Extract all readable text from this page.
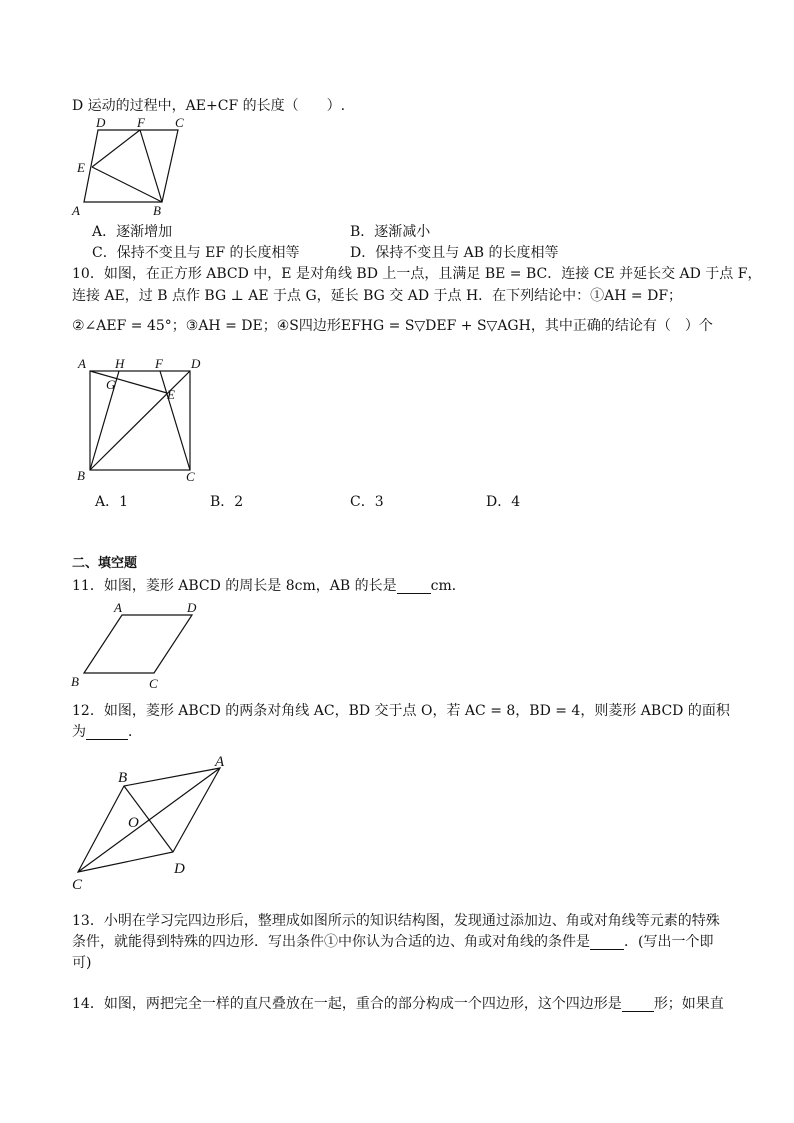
D 运动的过程中，AE+CF 的长度（　　）.
D F C
E
A	B
A．逐渐增加	B．逐渐减小
C．保持不变且与 EF 的长度相等	D．保持不变且与 AB 的长度相等
10．如图，在正方形 ABCD 中，E 是对角线 BD 上一点，且满足 BE = BC．连接 CE 并延长交 AD 于点 F，
连接 AE，过 B 点作 BG ⊥ AE 于点 G，延长 BG 交 AD 于点 H．在下列结论中：①AH = DF；
②∠AEF = 45°；③AH = DE；④S四边形EFHG = S▽DEF + S▽AGH，其中正确的结论有（　）个
A H F D
G
E
B	C
A．1	B．2	C．3	D．4
二、填空题
11．如图，菱形 ABCD 的周长是 8cm，AB 的长是 cm．
A	D
B	C
12．如图，菱形 ABCD 的两条对角线 AC，BD 交于点 O，若 AC = 8，BD = 4，则菱形 ABCD 的面积
为	．
A
B
O
C
D
13．小明在学习完四边形后，整理成如图所示的知识结构图，发现通过添加边、角或对角线等元素的特殊
条件，就能得到特殊的四边形．写出条件①中你认为合适的边、角或对角线的条件是 ．(写出一个即
可)
14．如图，两把完全一样的直尺叠放在一起，重合的部分构成一个四边形，这个四边形是 形；如果直
